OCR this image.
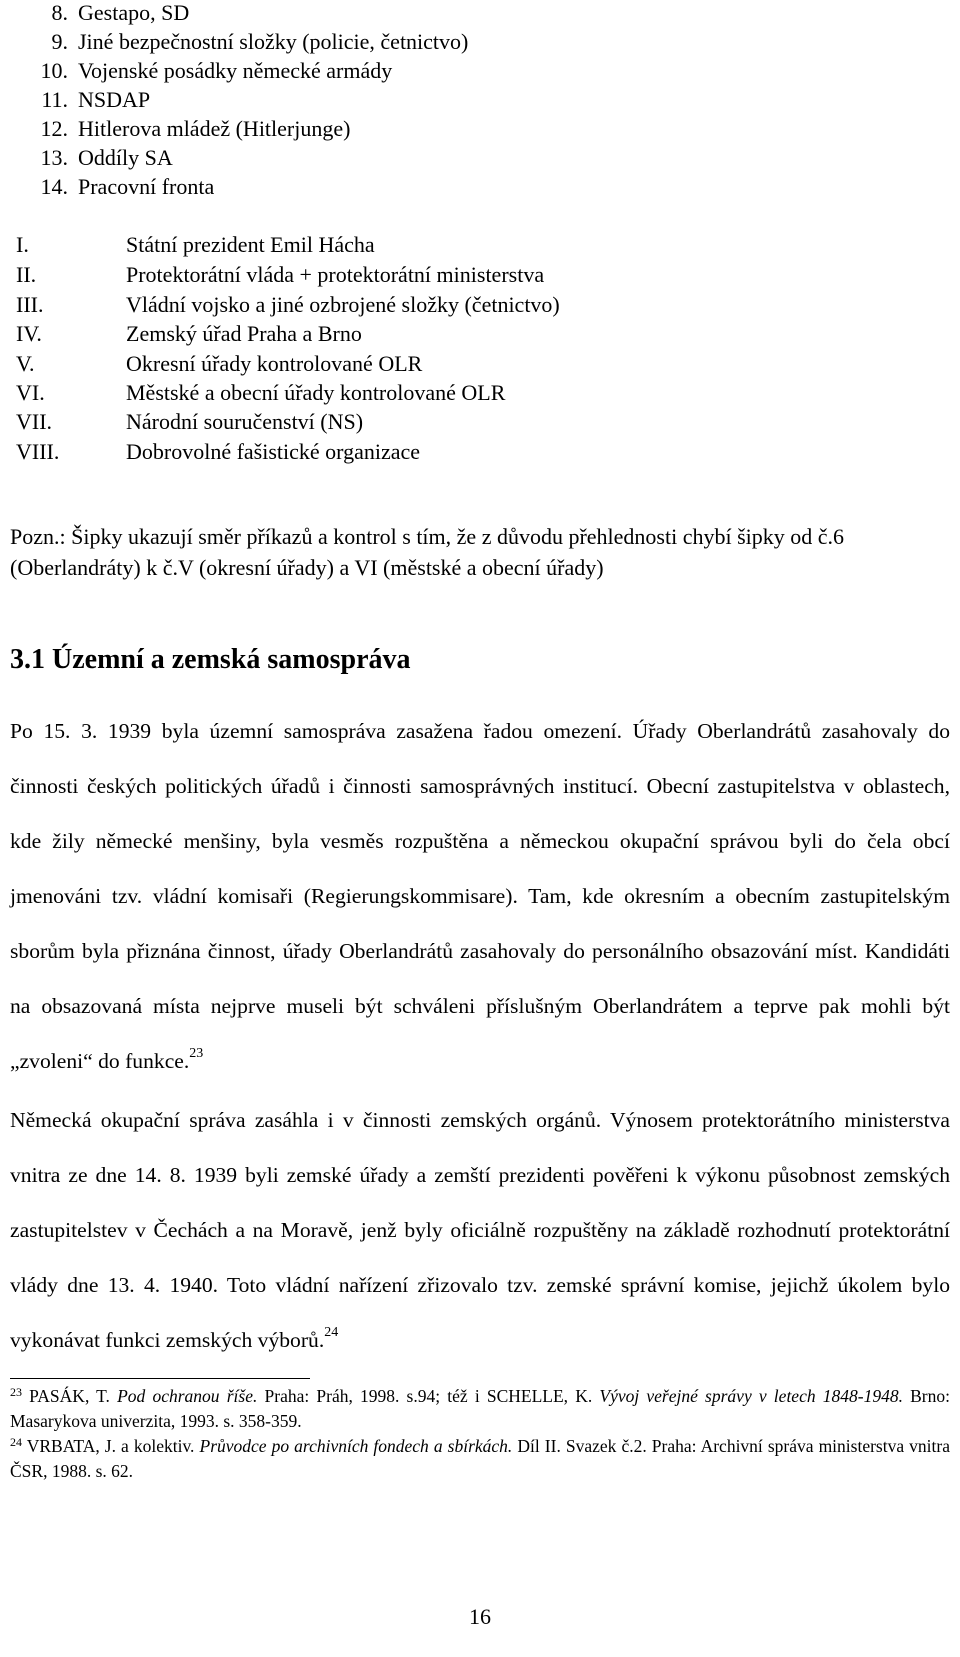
8. Gestapo, SD
9. Jiné bezpečnostní složky (policie, četnictvo)
10. Vojenské posádky německé armády
11. NSDAP
12. Hitlerova mládež (Hitlerjunge)
13. Oddíly SA
14. Pracovní fronta
I.	Státní prezident Emil Hácha
II.	Protektorátní vláda + protektorátní ministerstva
III.	Vládní vojsko a jiné ozbrojené složky (četnictvo)
IV.	Zemský úřad Praha a Brno
V.	Okresní úřady kontrolované OLR
VI.	Městské a obecní úřady kontrolované OLR
VII.	Národní souručenství (NS)
VIII.	Dobrovolné fašistické organizace
Pozn.: Šipky ukazují směr příkazů a kontrol s tím, že z důvodu přehlednosti chybí šipky od č.6 (Oberlandráty) k č.V (okresní úřady) a VI (městské a obecní úřady)
3.1 Územní a zemská samospráva
Po 15. 3. 1939 byla územní samospráva zasažena řadou omezení. Úřady Oberlandrátů zasahovaly do činnosti českých politických úřadů i činnosti samosprávných institucí. Obecní zastupitelstva v oblastech, kde žily německé menšiny, byla vesměs rozpuštěna a německou okupační správou byli do čela obcí jmenováni tzv. vládní komisaři (Regierungskommisare). Tam, kde okresním a obecním zastupitelským sborům byla přiznána činnost, úřady Oberlandrátů zasahovaly do personálního obsazování míst. Kandidáti na obsazovaná místa nejprve museli být schváleni příslušným Oberlandrátem a teprve pak mohli být „zvoleni“ do funkce.$^{23}$
Německá okupační správa zasáhla i v činnosti zemských orgánů. Výnosem protektorátního ministerstva vnitra ze dne 14. 8. 1939 byli zemské úřady a zemští prezidenti pověřeni k výkonu působnost zemských zastupitelstev v Čechách a na Moravě, jenž byly oficiálně rozpuštěny na základě rozhodnutí protektorátní vlády dne 13. 4. 1940. Toto vládní nařízení zřizovalo tzv. zemské správní komise, jejichž úkolem bylo vykonávat funkci zemských výborů.$^{24}$

$^{23}$ PASÁK, T. Pod ochranou říše. Praha: Práh, 1998. s.94; též i SCHELLE, K. Vývoj veřejné správy v letech 1848-1948. Brno: Masarykova univerzita, 1993. s. 358-359.

$^{24}$ VRBATA, J. a kolektiv. Průvodce po archivních fondech a sbírkách. Díl II. Svazek č.2. Praha: Archivní správa ministerstva vnitra ČSR, 1988. s. 62.

16
